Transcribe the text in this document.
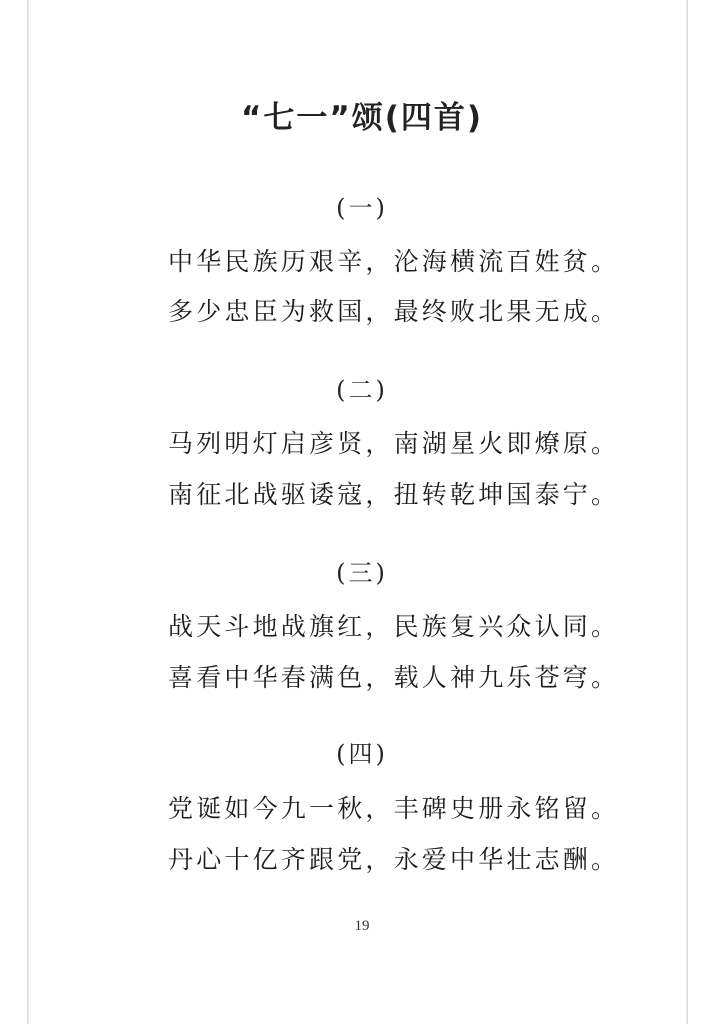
“七一”颂(四首)
(一)
中华民族历艰辛，沦海横流百姓贫。
多少忠臣为救国，最终败北果无成。
(二)
马列明灯启彦贤，南湖星火即燎原。
南征北战驱诿寇，扭转乾坤国泰宁。
(三)
战天斗地战旗红，民族复兴众认同。
喜看中华春满色，载人神九乐苍穹。
(四)
党诞如今九一秋，丰碑史册永铭留。
丹心十亿齐跟党，永爱中华壮志酬。
19
